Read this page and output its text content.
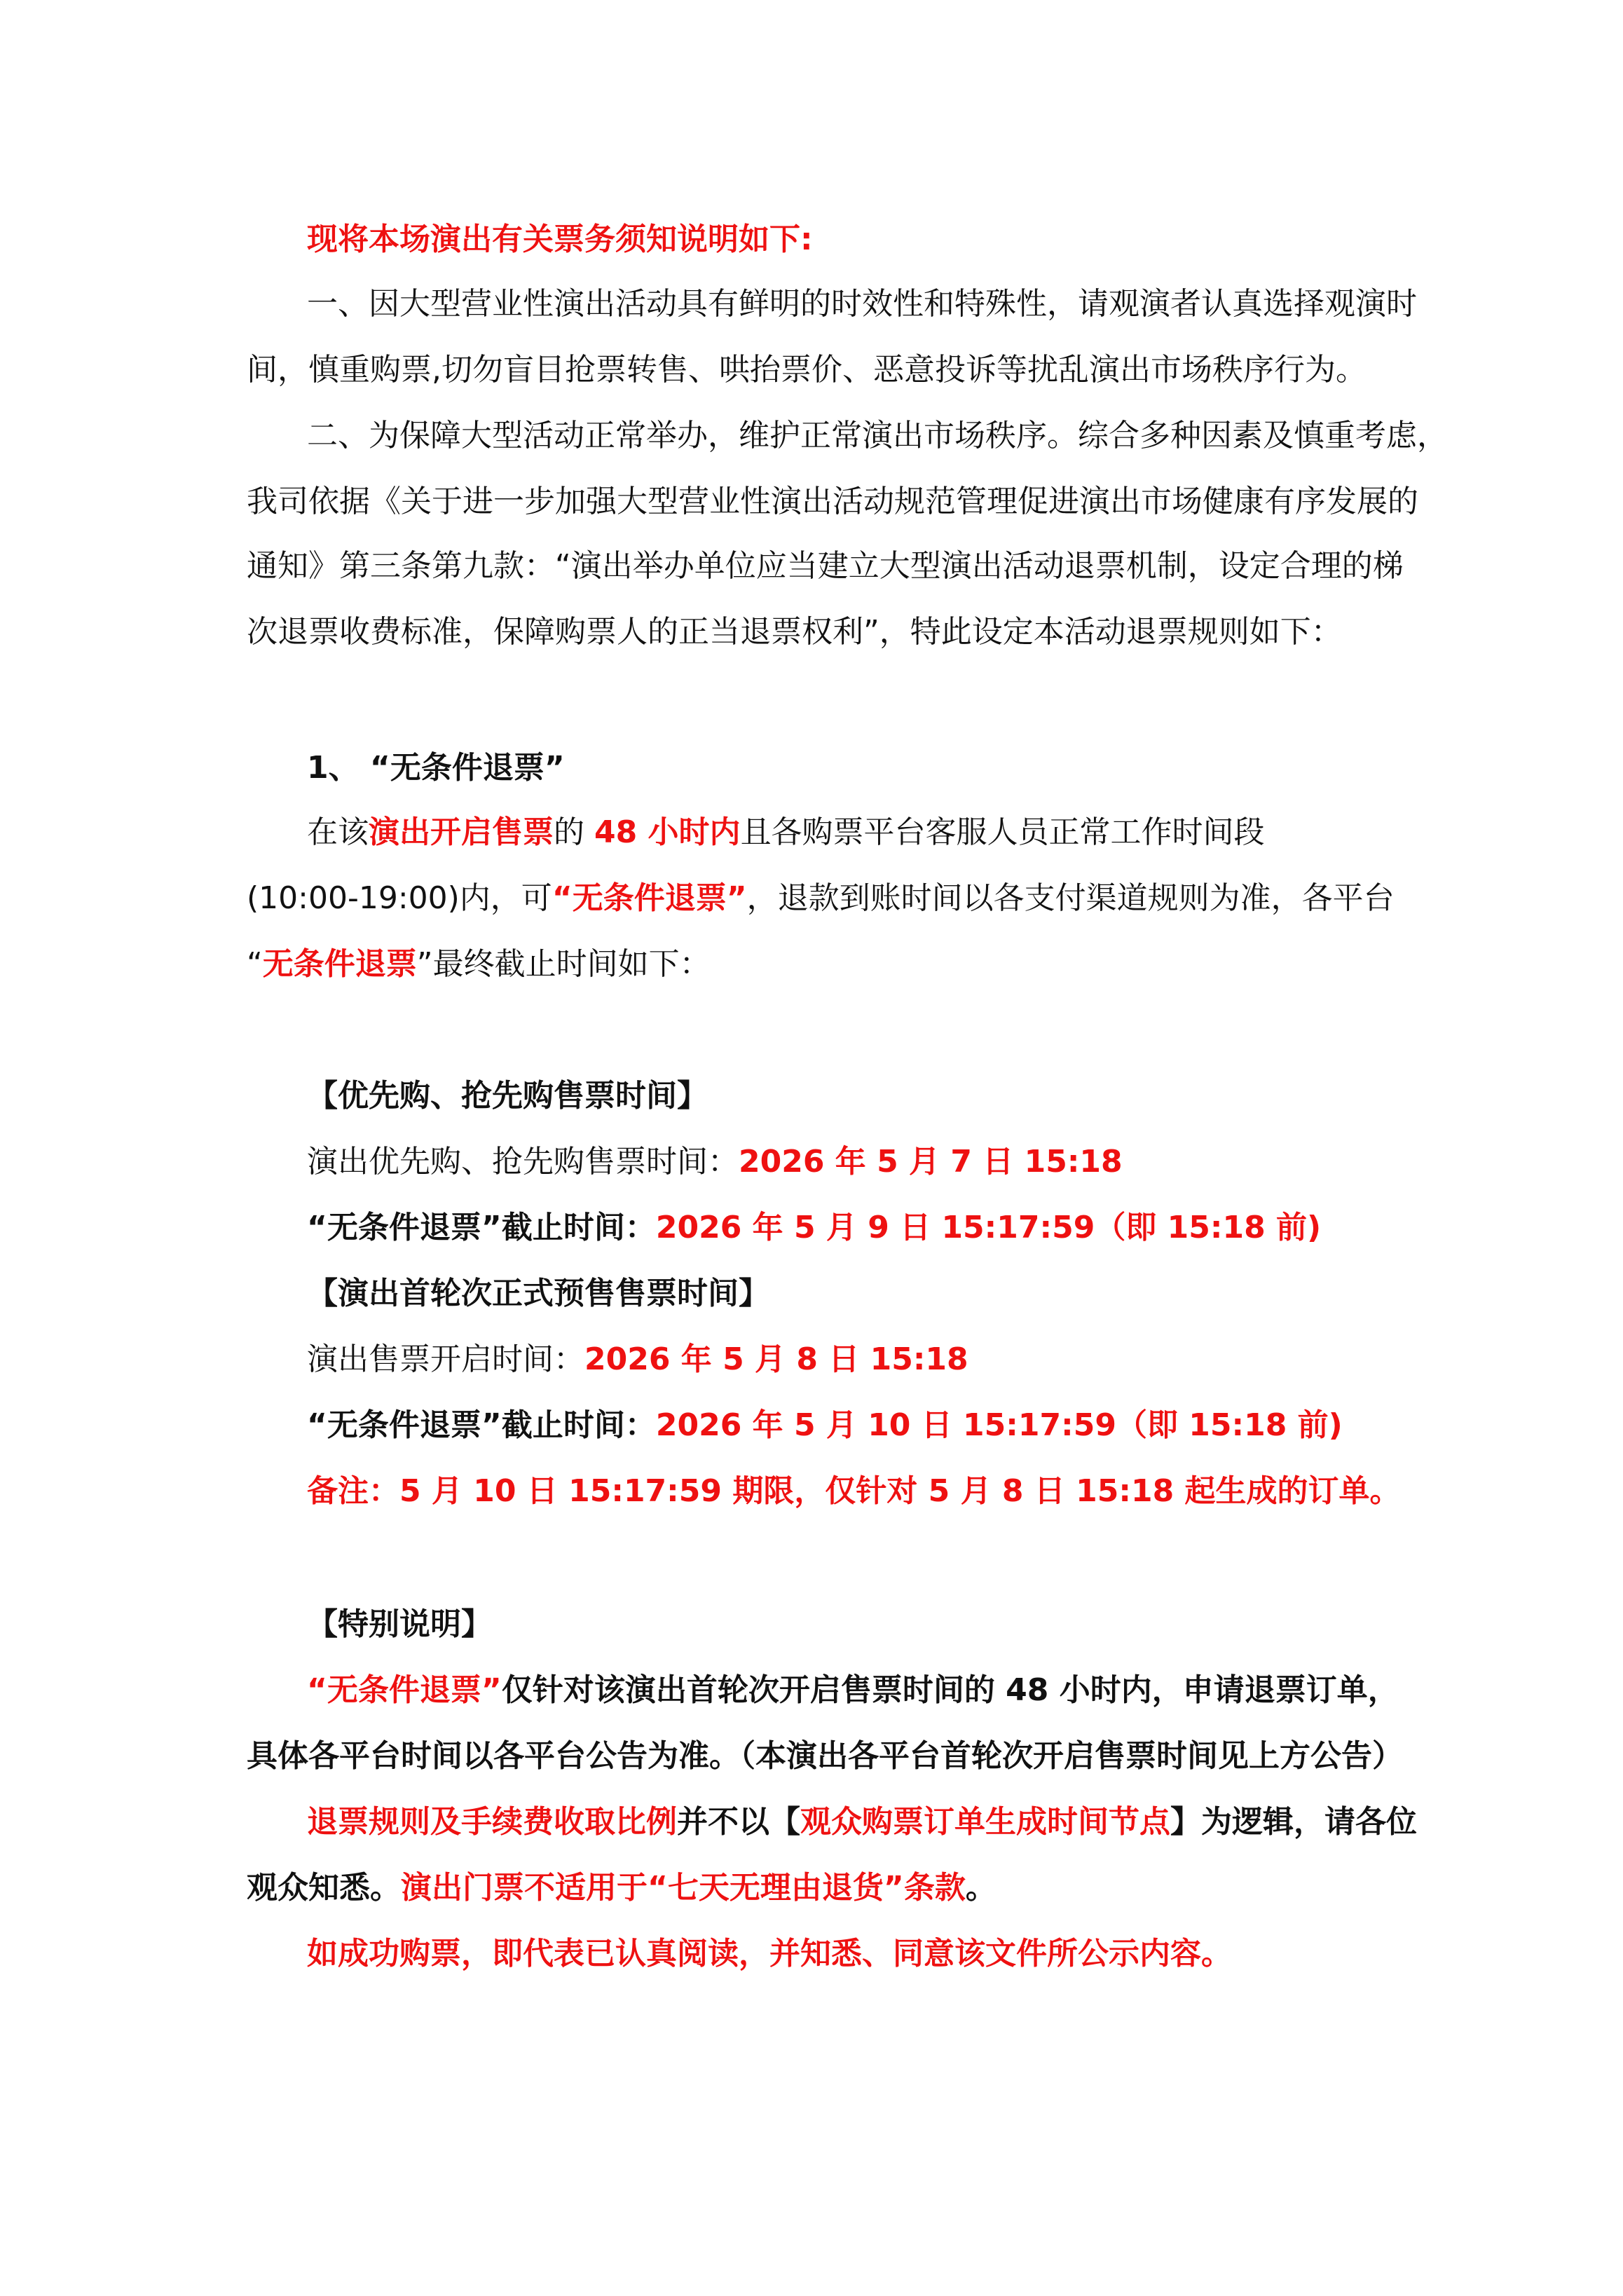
现将本场演出有关票务须知说明如下:
一、因大型营业性演出活动具有鲜明的时效性和特殊性，请观演者认真选择观演时
间，慎重购票,切勿盲目抢票转售、哄抬票价、恶意投诉等扰乱演出市场秩序行为。
二、为保障大型活动正常举办，维护正常演出市场秩序。综合多种因素及慎重考虑，
我司依据《关于进一步加强大型营业性演出活动规范管理促进演出市场健康有序发展的
通知》第三条第九款：“演出举办单位应当建立大型演出活动退票机制，设定合理的梯
次退票收费标准，保障购票人的正当退票权利”，特此设定本活动退票规则如下：
1、 “无条件退票”
在该演出开启售票的 48 小时内且各购票平台客服人员正常工作时间段
(10:00-19:00)内，可“无条件退票”，退款到账时间以各支付渠道规则为准，各平台
“无条件退票”最终截止时间如下：
【优先购、抢先购售票时间】
演出优先购、抢先购售票时间：2026 年 5 月 7 日 15:18
“无条件退票”截止时间：2026 年 5 月 9 日 15:17:59（即 15:18 前)
【演出首轮次正式预售售票时间】
演出售票开启时间：2026 年 5 月 8 日 15:18
“无条件退票”截止时间：2026 年 5 月 10 日 15:17:59（即 15:18 前)
备注：5 月 10 日 15:17:59 期限，仅针对 5 月 8 日 15:18 起生成的订单。
【特别说明】
“无条件退票”仅针对该演出首轮次开启售票时间的 48 小时内，申请退票订单，
具体各平台时间以各平台公告为准。（本演出各平台首轮次开启售票时间见上方公告）
退票规则及手续费收取比例并不以【观众购票订单生成时间节点】为逻辑，请各位
观众知悉。演出门票不适用于“七天无理由退货”条款。
如成功购票，即代表已认真阅读，并知悉、同意该文件所公示内容。
